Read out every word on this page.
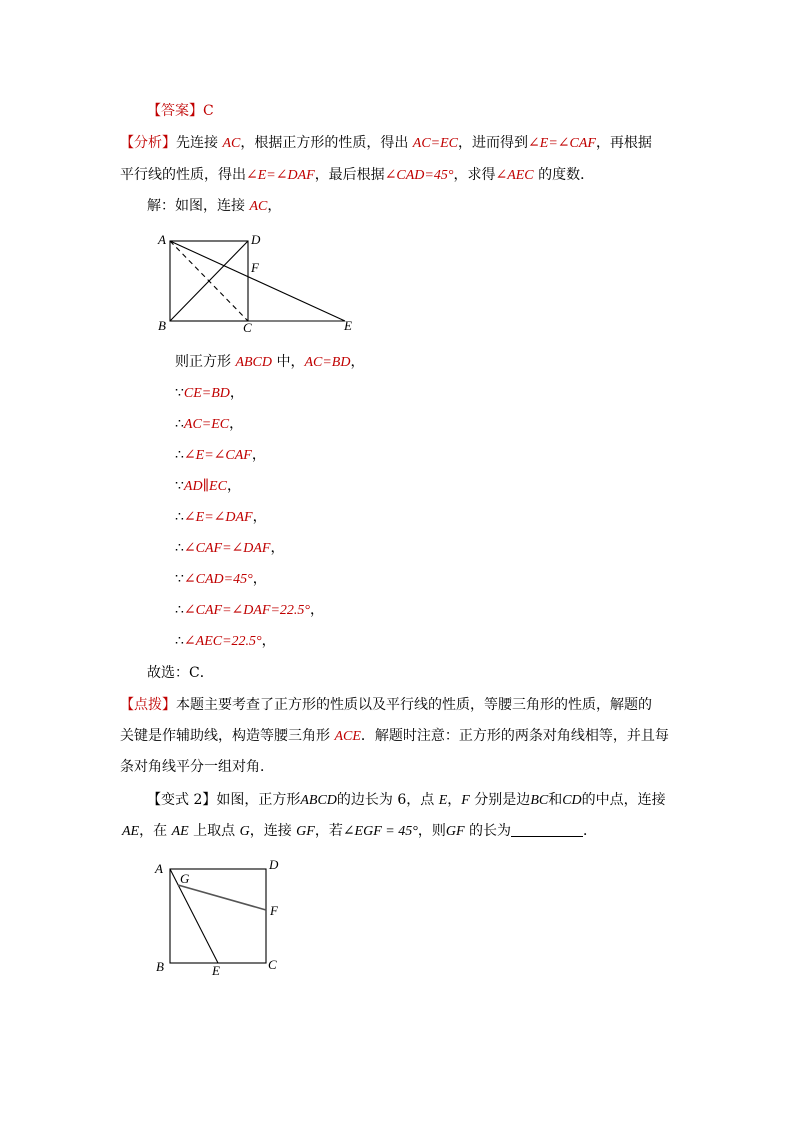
【答案】C
【分析】先连接 AC，根据正方形的性质，得出 AC=EC，进而得到∠E=∠CAF，再根据
平行线的性质，得出∠E=∠DAF，最后根据∠CAD=45°，求得∠AEC 的度数．
解：如图，连接 AC，
A	D
F
B	C	E
则正方形 ABCD 中，AC=BD，
∵CE=BD，
∴AC=EC，
∴∠E=∠CAF，
∵AD∥EC，
∴∠E=∠DAF，
∴∠CAF=∠DAF，
∵∠CAD=45°，
∴∠CAF=∠DAF=22.5°，
∴∠AEC=22.5°，
故选：C．
【点拨】本题主要考查了正方形的性质以及平行线的性质，等腰三角形的性质，解题的
关键是作辅助线，构造等腰三角形 ACE．解题时注意：正方形的两条对角线相等，并且每
条对角线平分一组对角．
【变式 2】如图，正方形ABCD的边长为 6，点 E，F 分别是边BC和CD的中点，连接
AE，在 AE 上取点 G，连接 GF，若∠EGF = 45°，则GF 的长为	．
A
G
D
F
B	E	C
